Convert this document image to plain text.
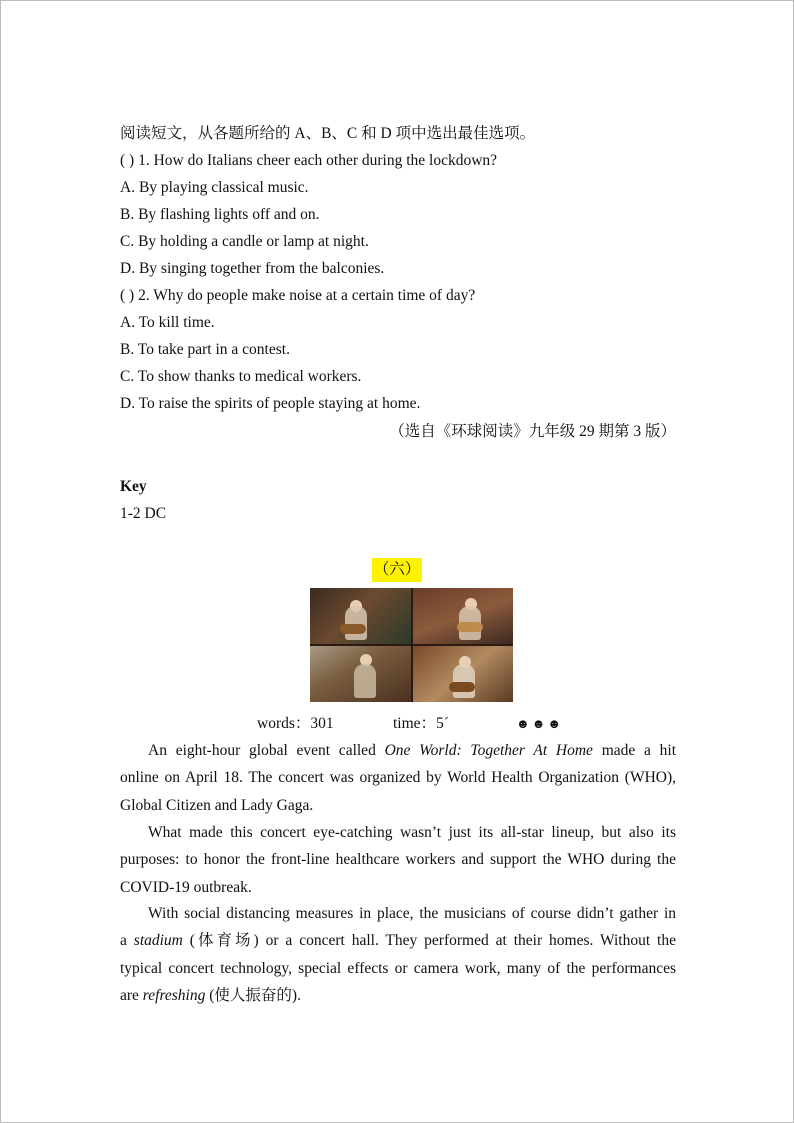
阅读短文，从各题所给的 A、B、C 和 D 项中选出最佳选项。
( ) 1. How do Italians cheer each other during the lockdown?
A. By playing classical music.
B. By flashing lights off and on.
C. By holding a candle or lamp at night.
D. By singing together from the balconies.
( ) 2. Why do people make noise at a certain time of day?
A. To kill time.
B. To take part in a contest.
C. To show thanks to medical workers.
D. To raise the spirits of people staying at home.
（选自《环球阅读》九年级 29 期第 3 版）
Key
1-2 DC
（六）
words：301	time：5´	☻☻☻
An eight-hour global event called One World: Together At Home made a hit
online on April 18. The concert was organized by World Health Organization (WHO),
Global Citizen and Lady Gaga.
What made this concert eye-catching wasn’t just its all-star lineup, but also its
purposes: to honor the front-line healthcare workers and support the WHO during the
COVID-19 outbreak.
With social distancing measures in place, the musicians of course didn’t gather in
a stadium (体育场) or a concert hall. They performed at their homes. Without the
typical concert technology, special effects or camera work, many of the performances
are refreshing (使人振奋的).
